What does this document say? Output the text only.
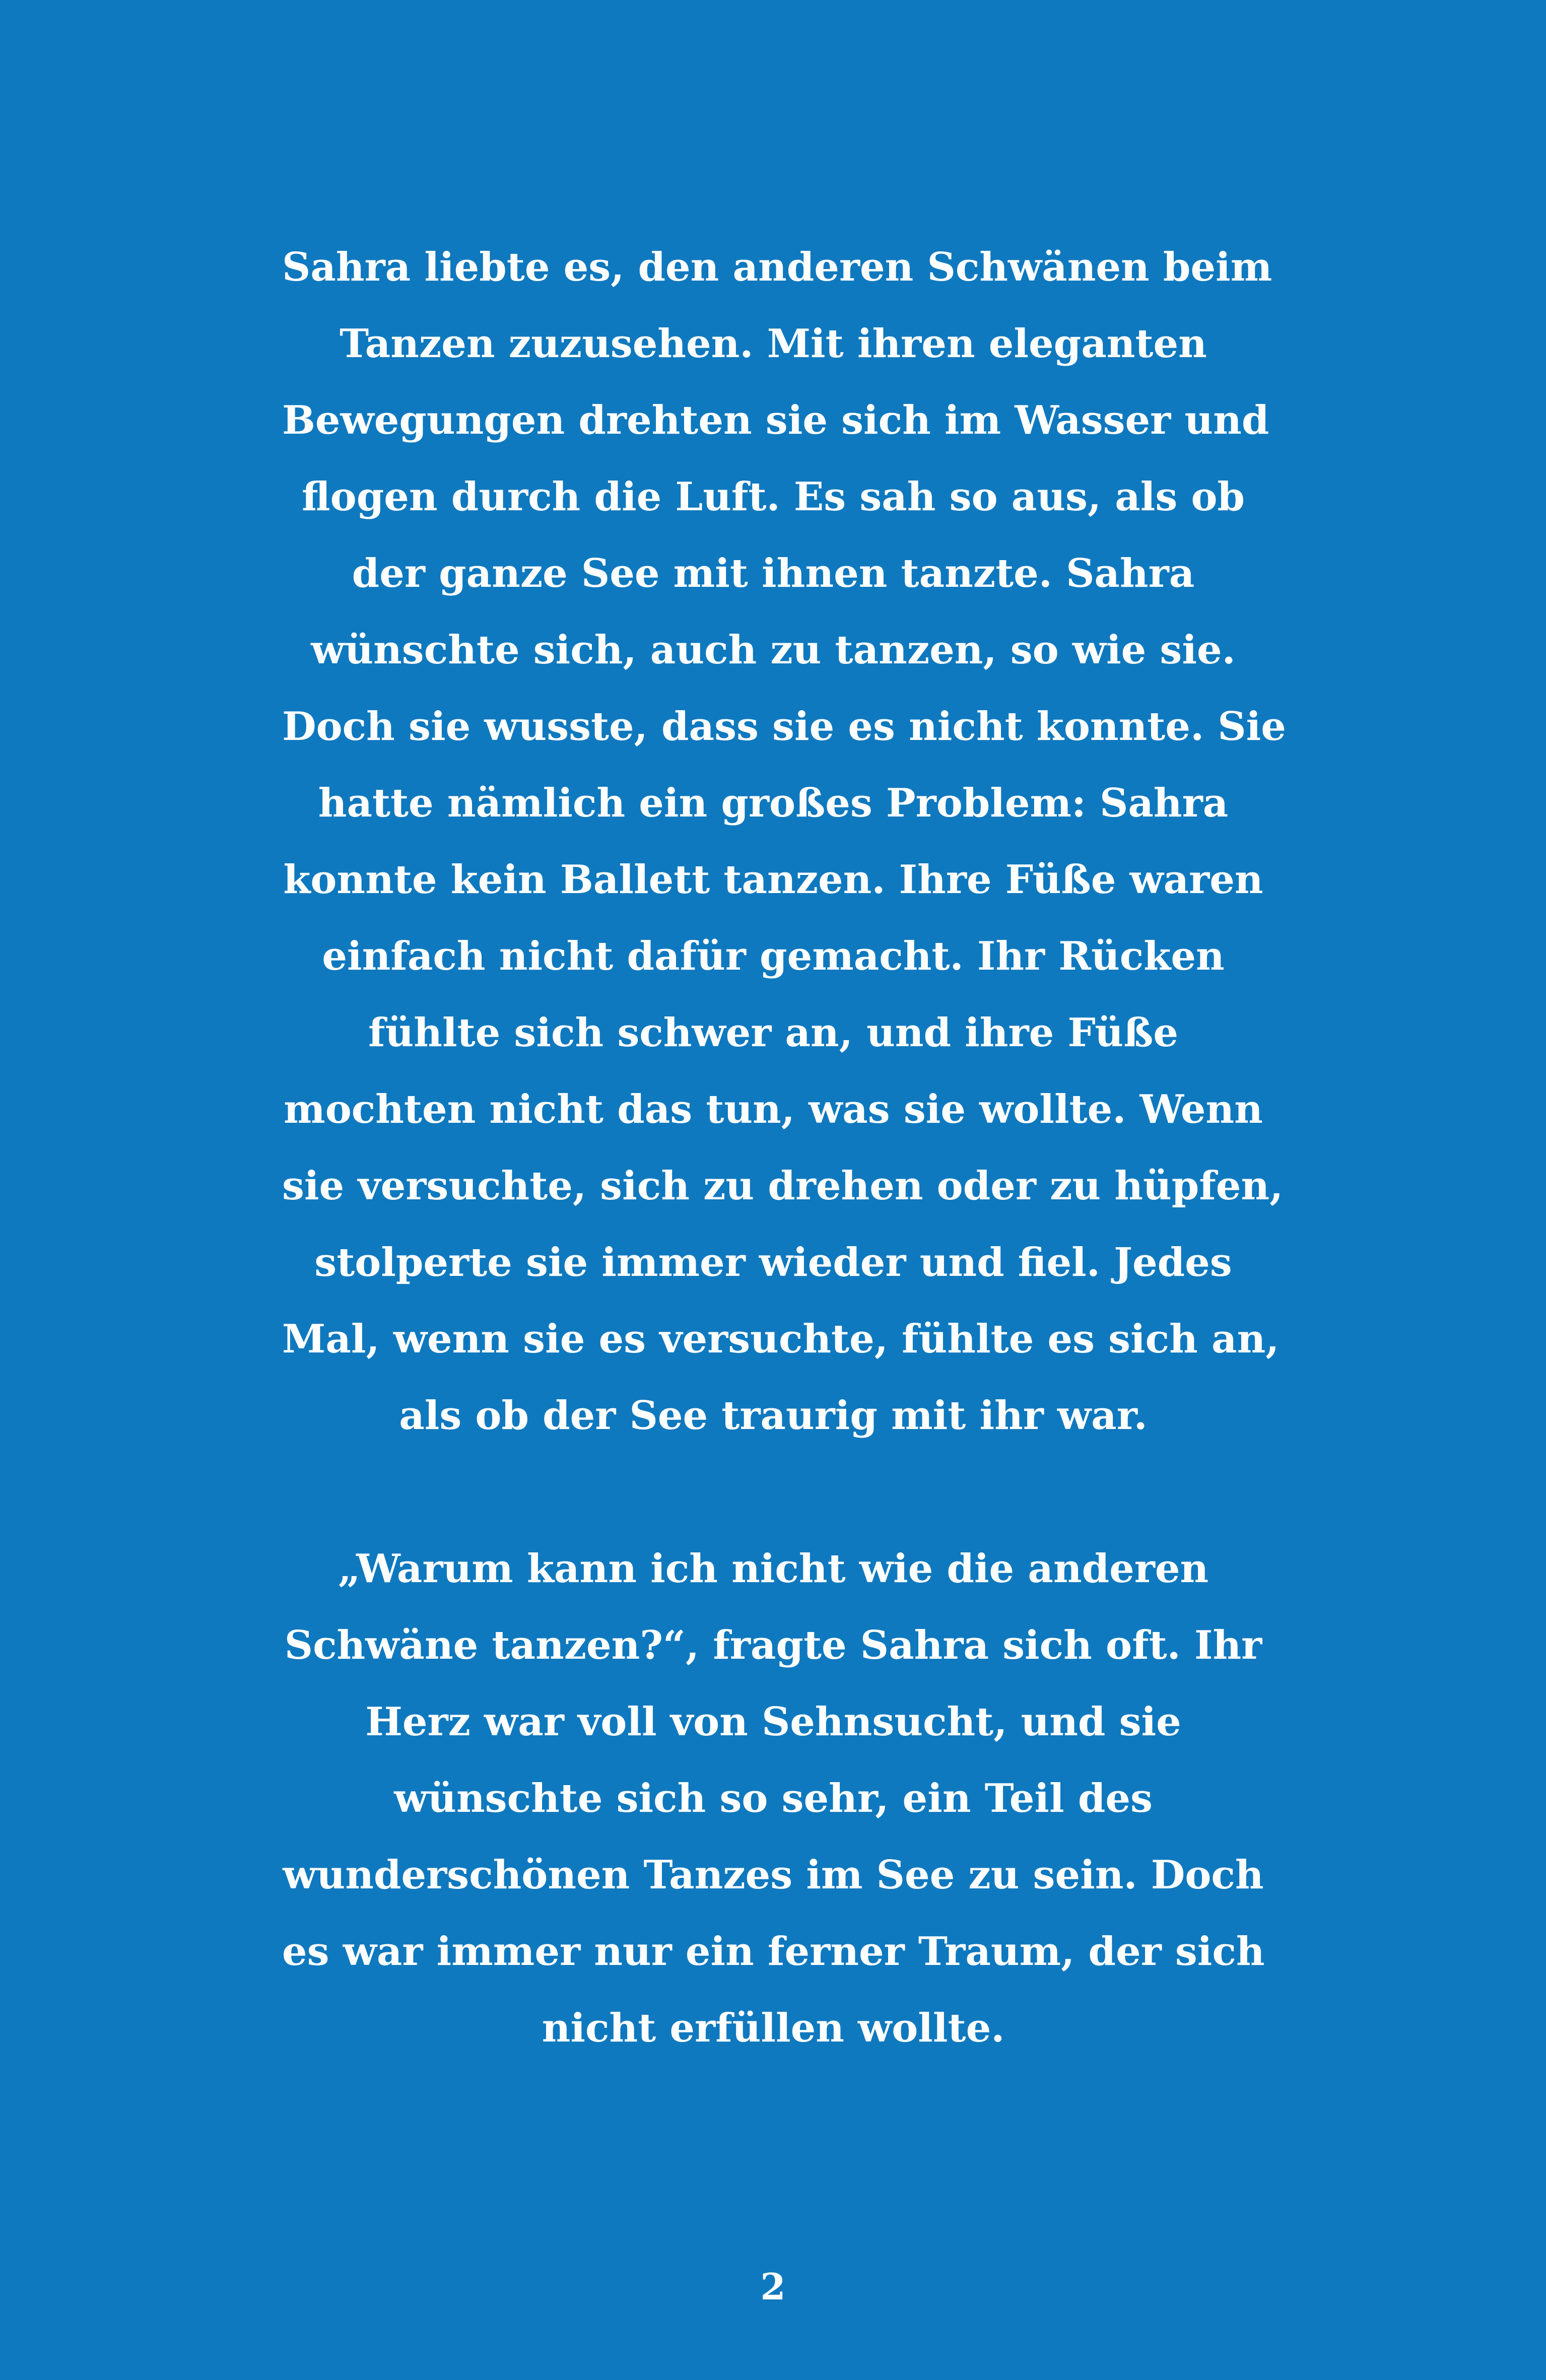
Sahra liebte es, den anderen Schwänen beim
Tanzen zuzusehen. Mit ihren eleganten
Bewegungen drehten sie sich im Wasser und
flogen durch die Luft. Es sah so aus, als ob
der ganze See mit ihnen tanzte. Sahra
wünschte sich, auch zu tanzen, so wie sie.
Doch sie wusste, dass sie es nicht konnte. Sie
hatte nämlich ein großes Problem: Sahra
konnte kein Ballett tanzen. Ihre Füße waren
einfach nicht dafür gemacht. Ihr Rücken
fühlte sich schwer an, und ihre Füße
mochten nicht das tun, was sie wollte. Wenn
sie versuchte, sich zu drehen oder zu hüpfen,
stolperte sie immer wieder und fiel. Jedes
Mal, wenn sie es versuchte, fühlte es sich an,
als ob der See traurig mit ihr war.

„Warum kann ich nicht wie die anderen
Schwäne tanzen?“, fragte Sahra sich oft. Ihr
Herz war voll von Sehnsucht, und sie
wünschte sich so sehr, ein Teil des
wunderschönen Tanzes im See zu sein. Doch
es war immer nur ein ferner Traum, der sich
nicht erfüllen wollte.

2
